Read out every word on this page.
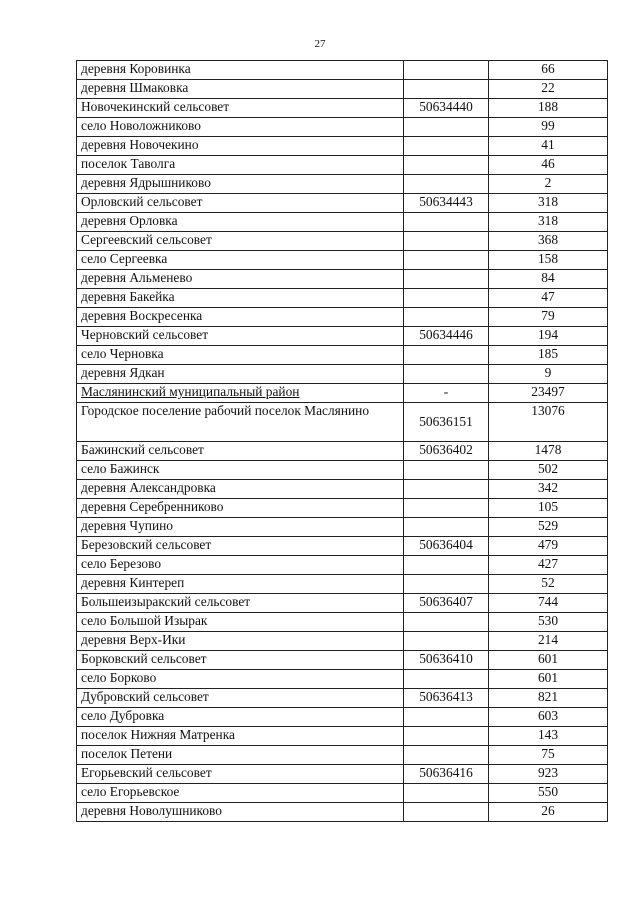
27
деревня Коровинка		66
деревня Шмаковка		22
Новочекинский сельсовет	50634440	188
село Новоложниково		99
деревня Новочекино		41
поселок Таволга		46
деревня Ядрышниково		2
Орловский сельсовет	50634443	318
деревня Орловка		318
Сергеевский сельсовет		368
село Сергеевка		158
деревня Альменево		84
деревня Бакейка		47
деревня Воскресенка		79
Черновский сельсовет	50634446	194
село Черновка		185
деревня Ядкан		9
Маслянинский муниципальный район	-	23497
Городское поселение рабочий поселок Маслянино	50636151	13076
Бажинский сельсовет	50636402	1478
село Бажинск		502
деревня Александровка		342
деревня Серебренниково		105
деревня Чупино		529
Березовский сельсовет	50636404	479
село Березово		427
деревня Кинтереп		52
Большеизыракский сельсовет	50636407	744
село Большой Изырак		530
деревня Верх-Ики		214
Борковский сельсовет	50636410	601
село Борково		601
Дубровский сельсовет	50636413	821
село Дубровка		603
поселок Нижняя Матренка		143
поселок Петени		75
Егорьевский сельсовет	50636416	923
село Егорьевское		550
деревня Новолушниково		26
